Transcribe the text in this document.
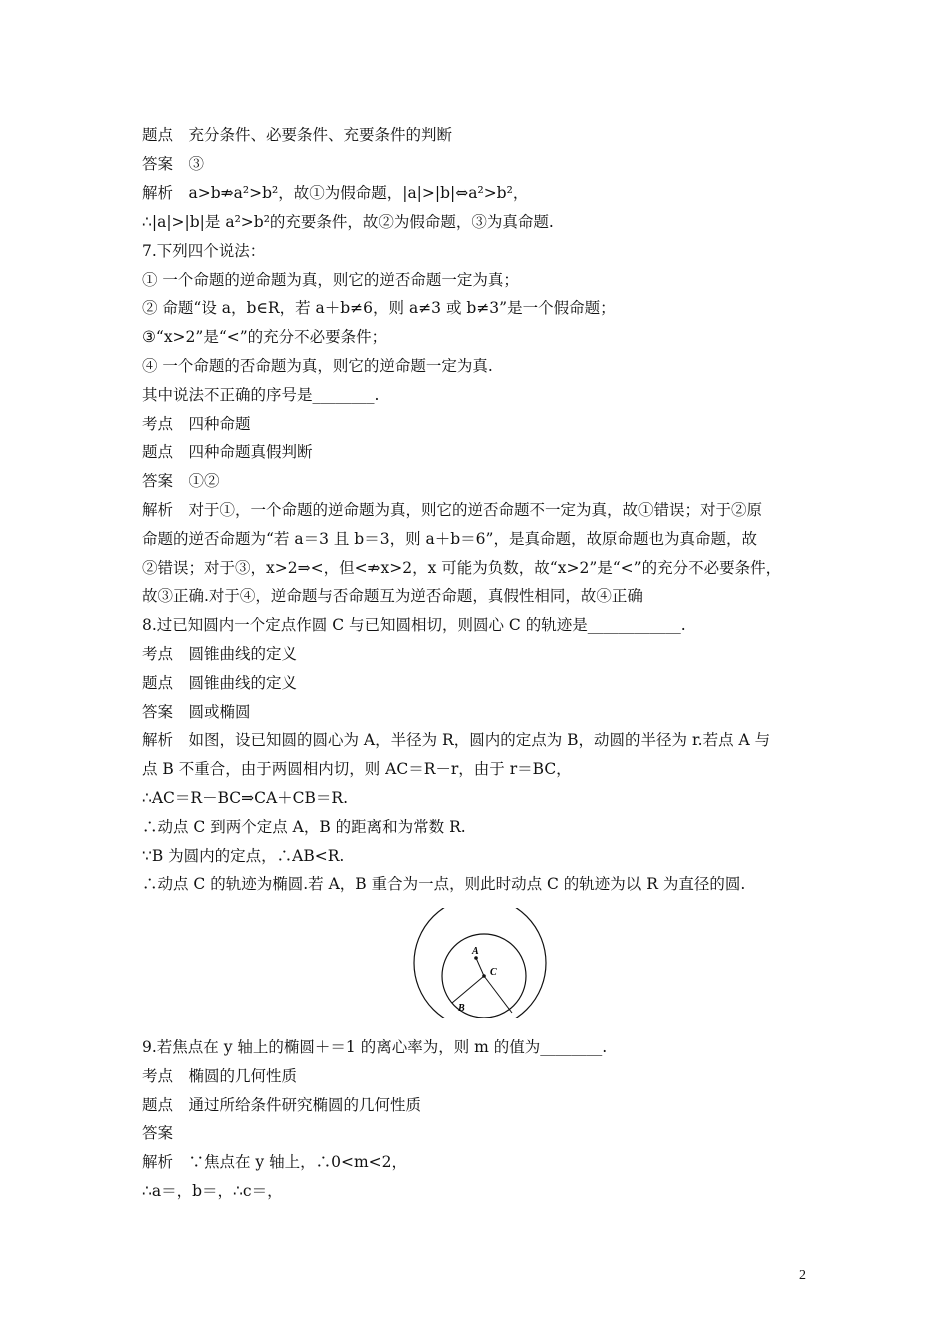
题点　充分条件、必要条件、充要条件的判断
答案　③
解析　a>b⇏a²>b²，故①为假命题，|a|>|b|⇔a²>b²，
∴|a|>|b|是 a²>b²的充要条件，故②为假命题，③为真命题.
7.下列四个说法：
① 一个命题的逆命题为真，则它的逆否命题一定为真；
② 命题“设 a，b∈R，若 a＋b≠6，则 a≠3 或 b≠3”是一个假命题；
③“x>2”是“<”的充分不必要条件；
④ 一个命题的否命题为真，则它的逆命题一定为真.
其中说法不正确的序号是________.
考点　四种命题
题点　四种命题真假判断
答案　①②
解析　对于①，一个命题的逆命题为真，则它的逆否命题不一定为真，故①错误；对于②原
命题的逆否命题为“若 a＝3 且 b＝3，则 a＋b＝6”，是真命题，故原命题也为真命题，故
②错误；对于③，x>2⇒<，但<⇏x>2，x 可能为负数，故“x>2”是“<”的充分不必要条件，
故③正确.对于④，逆命题与否命题互为逆否命题，真假性相同，故④正确
8.过已知圆内一个定点作圆 C 与已知圆相切，则圆心 C 的轨迹是____________.
考点　圆锥曲线的定义
题点　圆锥曲线的定义
答案　圆或椭圆
解析　如图，设已知圆的圆心为 A，半径为 R，圆内的定点为 B，动圆的半径为 r.若点 A 与
点 B 不重合，由于两圆相内切，则 AC＝R－r，由于 r＝BC，
∴AC＝R－BC⇒CA＋CB＝R.
∴动点 C 到两个定点 A，B 的距离和为常数 R.
∵B 为圆内的定点，∴AB<R.
∴动点 C 的轨迹为椭圆.若 A，B 重合为一点，则此时动点 C 的轨迹为以 R 为直径的圆.
A
C
B
9.若焦点在 y 轴上的椭圆＋＝1 的离心率为，则 m 的值为________.
考点　椭圆的几何性质
题点　通过所给条件研究椭圆的几何性质
答案
解析　∵焦点在 y 轴上，∴0<m<2，
∴a＝，b＝，∴c＝，
2
